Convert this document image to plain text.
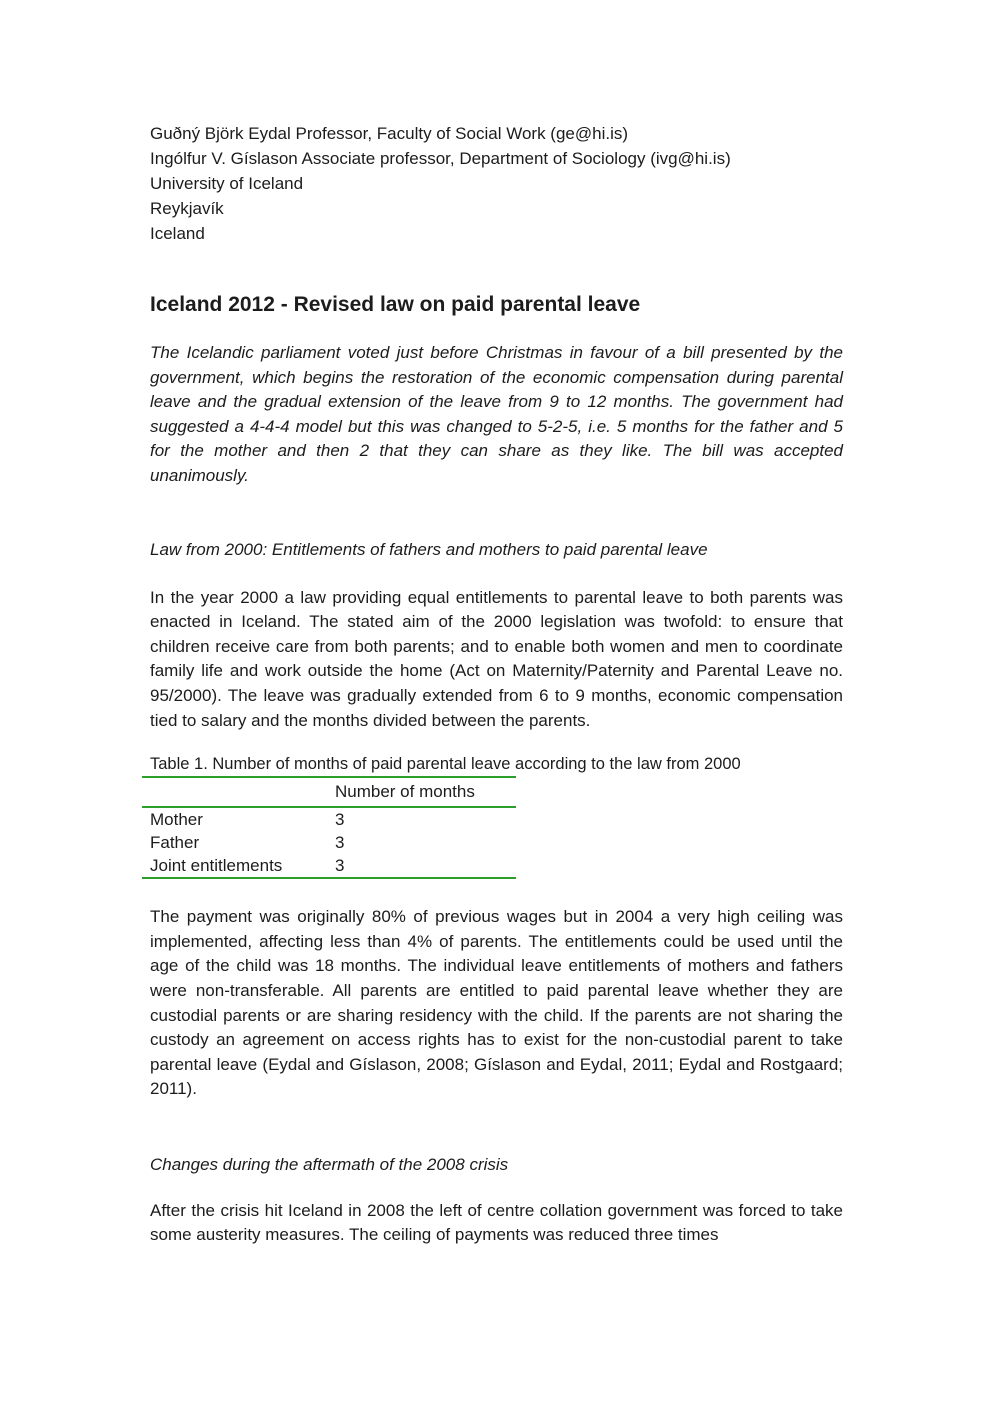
Guðný Björk Eydal Professor, Faculty of Social Work (ge@hi.is)

Ingólfur V. Gíslason Associate professor, Department of Sociology (ivg@hi.is)

University of Iceland

Reykjavík

Iceland

Iceland 2012 - Revised law on paid parental leave

The Icelandic parliament voted just before Christmas in favour of a bill presented by the government, which begins the restoration of the economic compensation during parental leave and the gradual extension of the leave from 9 to 12 months. The government had suggested a 4-4-4 model but this was changed to 5-2-5, i.e. 5 months for the father and 5 for the mother and then 2 that they can share as they like. The bill was accepted unanimously.

Law from 2000: Entitlements of fathers and mothers to paid parental leave

In the year 2000 a law providing equal entitlements to parental leave to both parents was enacted in Iceland. The stated aim of the 2000 legislation was twofold: to ensure that children receive care from both parents; and to enable both women and men to coordinate family life and work outside the home (Act on Maternity/Paternity and Parental Leave no. 95/2000). The leave was gradually extended from 6 to 9 months, economic compensation tied to salary and the months divided between the parents.

Table 1. Number of months of paid parental leave according to the law from 2000

	Number of months
Mother	3
Father	3
Joint entitlements	3

The payment was originally 80% of previous wages but in 2004 a very high ceiling was implemented, affecting less than 4% of parents. The entitlements could be used until the age of the child was 18 months. The individual leave entitlements of mothers and fathers were non-transferable. All parents are entitled to paid parental leave whether they are custodial parents or are sharing residency with the child. If the parents are not sharing the custody an agreement on access rights has to exist for the non-custodial parent to take parental leave (Eydal and Gíslason, 2008; Gíslason and Eydal, 2011; Eydal and Rostgaard; 2011).

Changes during the aftermath of the 2008 crisis

After the crisis hit Iceland in 2008 the left of centre collation government was forced to take some austerity measures. The ceiling of payments was reduced three times
